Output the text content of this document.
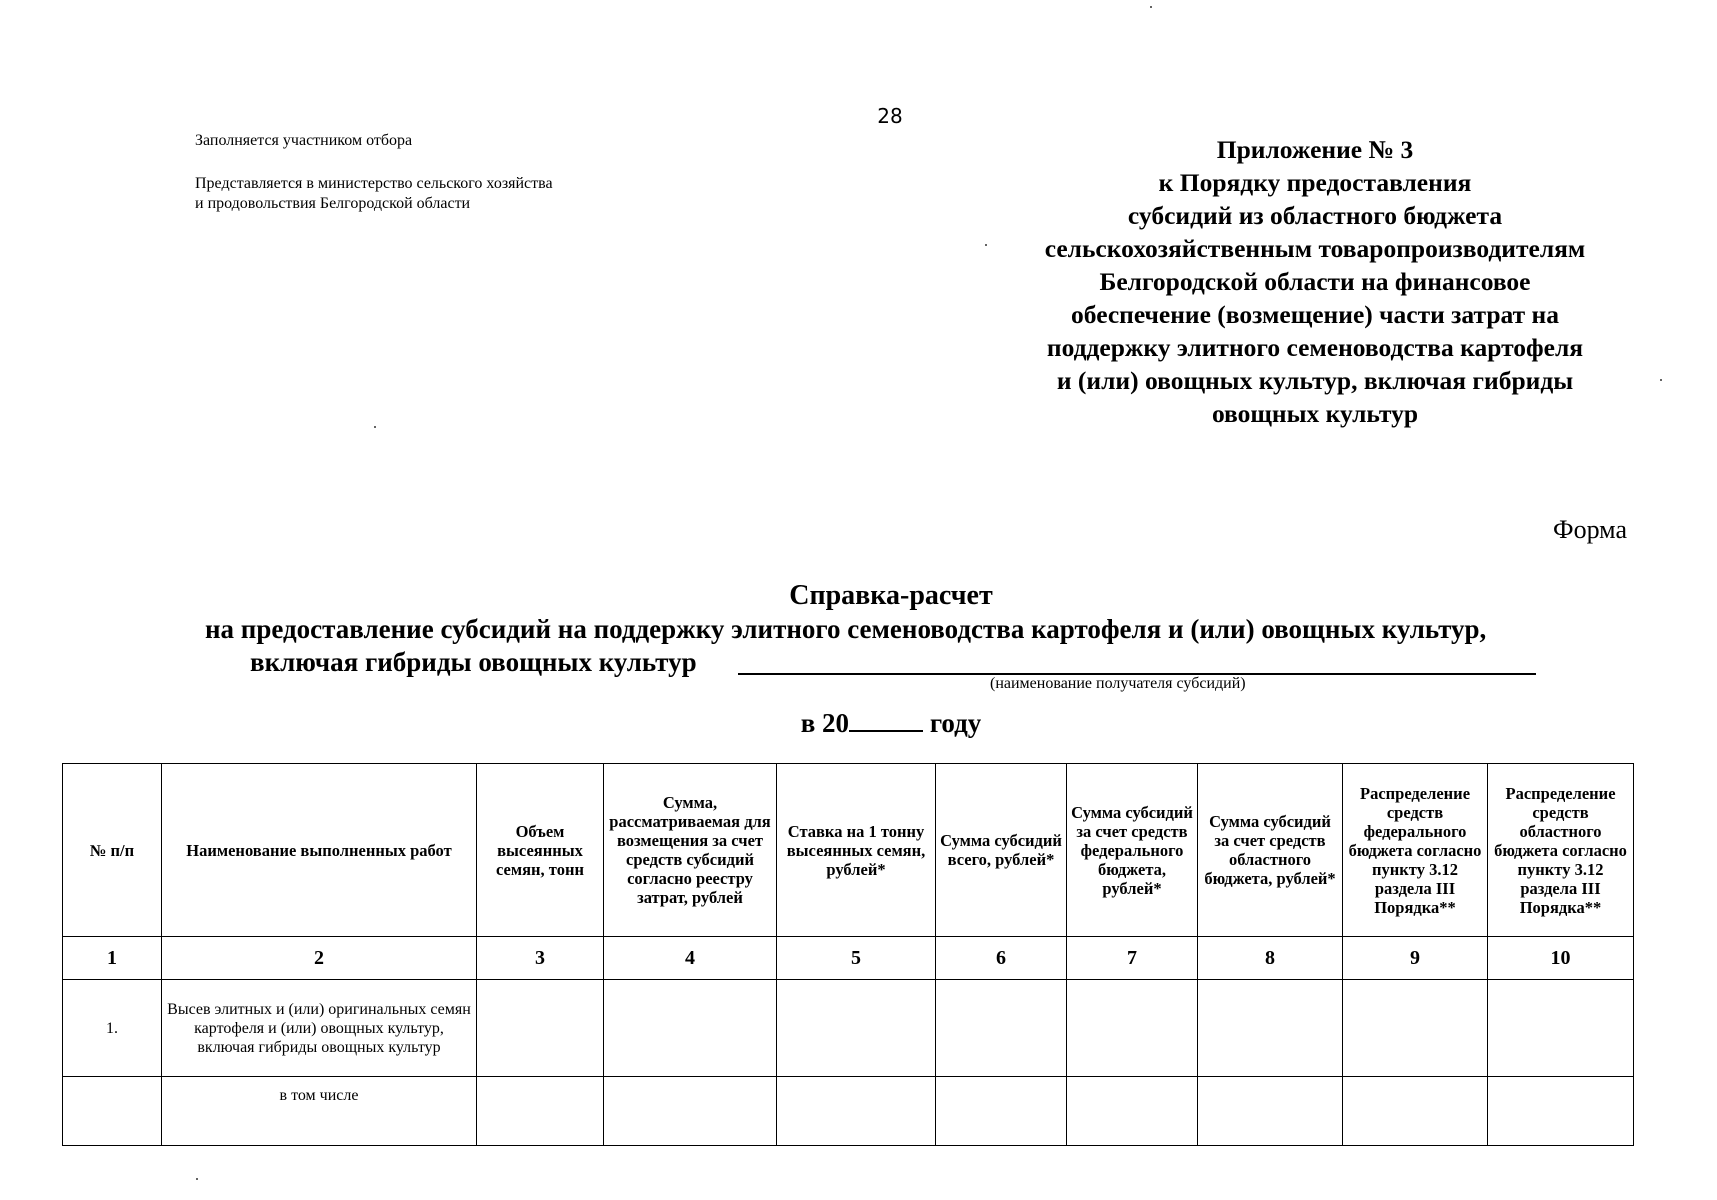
28
Заполняется участником отбора
Представляется в министерство сельского хозяйства
и продовольствия Белгородской области
Приложение № 3
к Порядку предоставления
субсидий из областного бюджета
сельскохозяйственным товаропроизводителям
Белгородской области на финансовое
обеспечение (возмещение) части затрат на
поддержку элитного семеноводства картофеля
и (или) овощных культур, включая гибриды
овощных культур
Форма
Справка-расчет
на предоставление субсидий на поддержку элитного семеноводства картофеля и (или) овощных культур,
включая гибриды овощных культур
(наименование получателя субсидий)
в 20	году
№ п/п	Наименование выполненных работ	Объем высеянных семян, тонн	Сумма, рассматриваемая для возмещения за счет средств субсидий согласно реестру затрат, рублей	Ставка на 1 тонну высеянных семян, рублей*	Сумма субсидий всего, рублей*	Сумма субсидий за счет средств федерального бюджета, рублей*	Сумма субсидий за счет средств областного бюджета, рублей*	Распределение средств федерального бюджета согласно пункту 3.12 раздела III Порядка**	Распределение средств областного бюджета согласно пункту 3.12 раздела III Порядка**
1	2	3	4	5	6	7	8	9	10
1.	Высев элитных и (или) оригинальных семян картофеля и (или) овощных культур, включая гибриды овощных культур								
	в том числе								
